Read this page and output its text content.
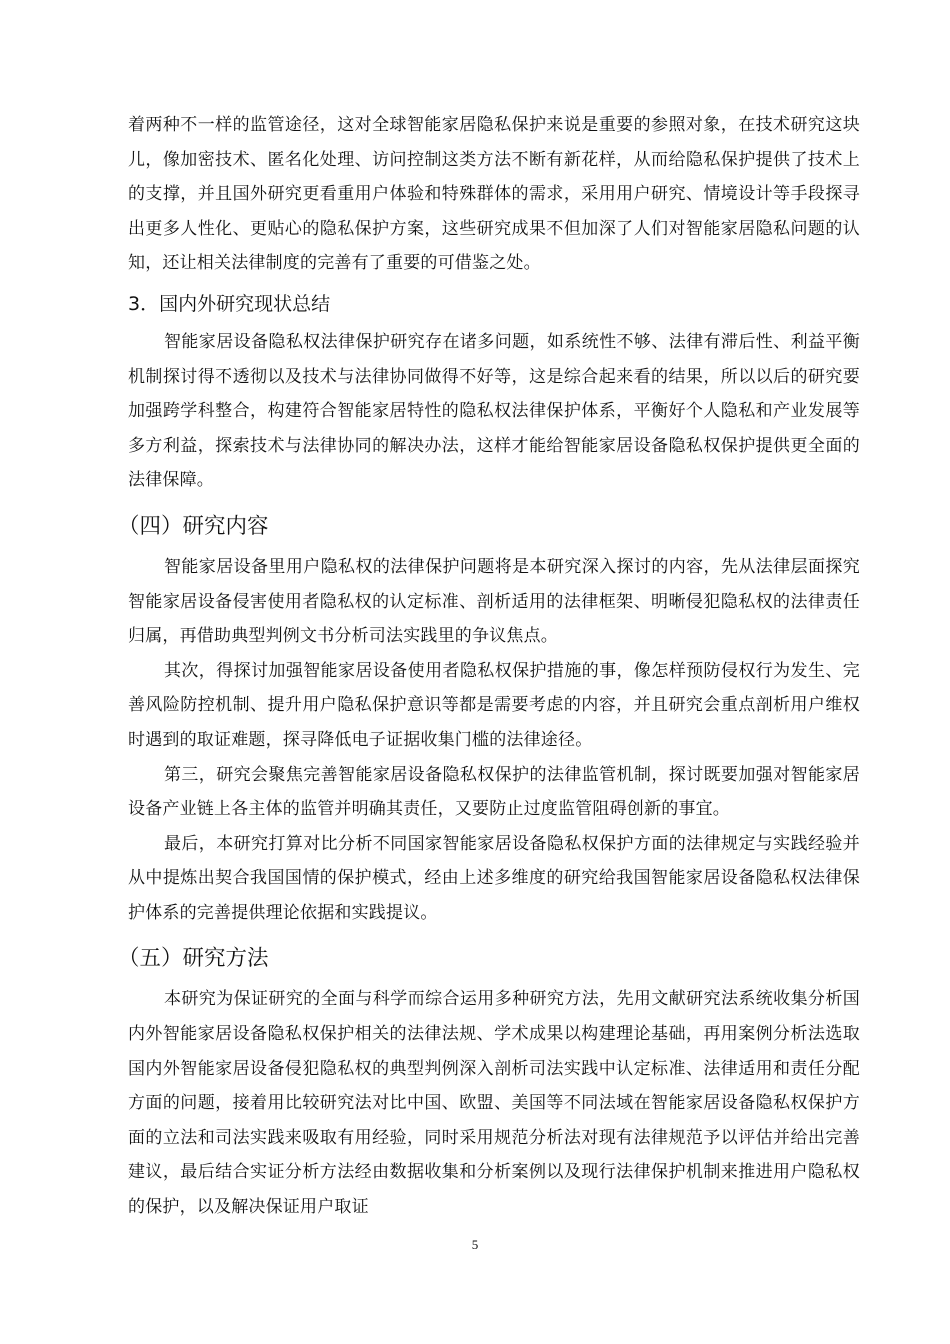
着两种不一样的监管途径，这对全球智能家居隐私保护来说是重要的参照对象，在技术研究这块儿，像加密技术、匿名化处理、访问控制这类方法不断有新花样，从而给隐私保护提供了技术上的支撑，并且国外研究更看重用户体验和特殊群体的需求，采用用户研究、情境设计等手段探寻出更多人性化、更贴心的隐私保护方案，这些研究成果不但加深了人们对智能家居隐私问题的认知，还让相关法律制度的完善有了重要的可借鉴之处。

3．国内外研究现状总结

智能家居设备隐私权法律保护研究存在诸多问题，如系统性不够、法律有滞后性、利益平衡机制探讨得不透彻以及技术与法律协同做得不好等，这是综合起来看的结果，所以以后的研究要加强跨学科整合，构建符合智能家居特性的隐私权法律保护体系，平衡好个人隐私和产业发展等多方利益，探索技术与法律协同的解决办法，这样才能给智能家居设备隐私权保护提供更全面的法律保障。

（四）研究内容

智能家居设备里用户隐私权的法律保护问题将是本研究深入探讨的内容，先从法律层面探究智能家居设备侵害使用者隐私权的认定标准、剖析适用的法律框架、明晰侵犯隐私权的法律责任归属，再借助典型判例文书分析司法实践里的争议焦点。

其次，得探讨加强智能家居设备使用者隐私权保护措施的事，像怎样预防侵权行为发生、完善风险防控机制、提升用户隐私保护意识等都是需要考虑的内容，并且研究会重点剖析用户维权时遇到的取证难题，探寻降低电子证据收集门槛的法律途径。

第三，研究会聚焦完善智能家居设备隐私权保护的法律监管机制，探讨既要加强对智能家居设备产业链上各主体的监管并明确其责任，又要防止过度监管阻碍创新的事宜。

最后，本研究打算对比分析不同国家智能家居设备隐私权保护方面的法律规定与实践经验并从中提炼出契合我国国情的保护模式，经由上述多维度的研究给我国智能家居设备隐私权法律保护体系的完善提供理论依据和实践提议。

（五）研究方法

本研究为保证研究的全面与科学而综合运用多种研究方法，先用文献研究法系统收集分析国内外智能家居设备隐私权保护相关的法律法规、学术成果以构建理论基础，再用案例分析法选取国内外智能家居设备侵犯隐私权的典型判例深入剖析司法实践中认定标准、法律适用和责任分配方面的问题，接着用比较研究法对比中国、欧盟、美国等不同法域在智能家居设备隐私权保护方面的立法和司法实践来吸取有用经验，同时采用规范分析法对现有法律规范予以评估并给出完善建议，最后结合实证分析方法经由数据收集和分析案例以及现行法律保护机制来推进用户隐私权的保护，以及解决保证用户取证

5
